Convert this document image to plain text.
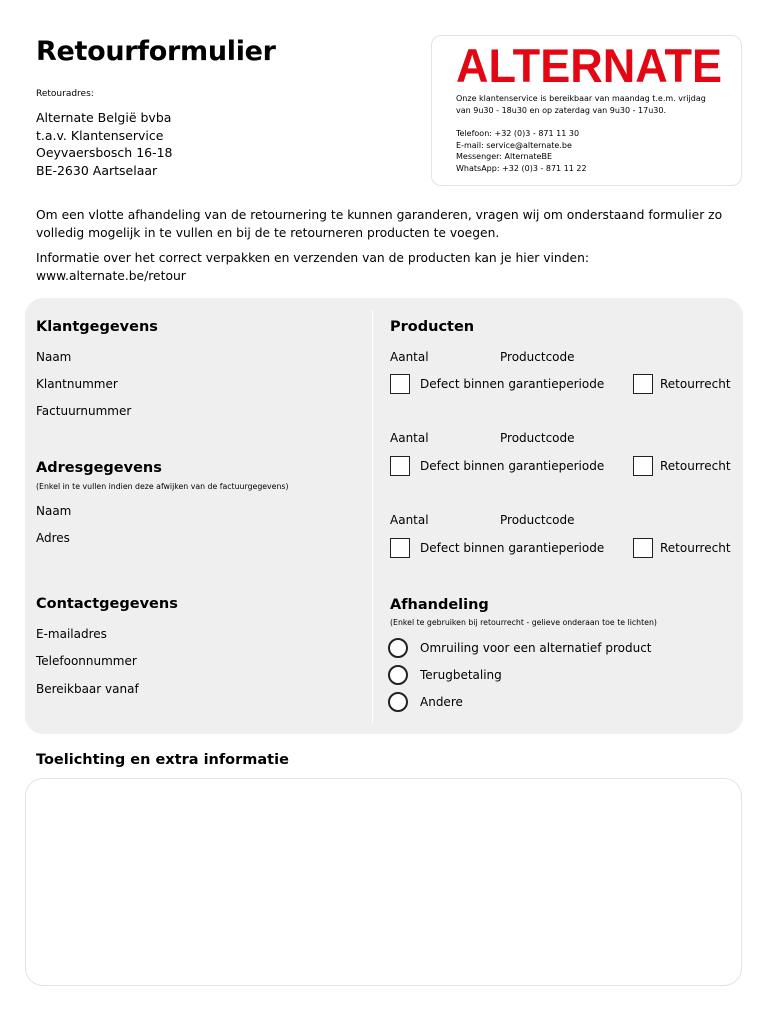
Retourformulier
Retouradres:
Alternate België bvba
t.a.v. Klantenservice
Oeyvaersbosch 16-18
BE-2630 Aartselaar
ALTERNATE
Onze klantenservice is bereikbaar van maandag t.e.m. vrijdag
van 9u30 - 18u30 en op zaterdag van 9u30 - 17u30.
Telefoon: +32 (0)3 - 871 11 30
E-mail: service@alternate.be
Messenger: AlternateBE
WhatsApp: +32 (0)3 - 871 11 22

Om een vlotte afhandeling van de retournering te kunnen garanderen, vragen wij om onderstaand formulier zo volledig mogelijk in te vullen en bij de te retourneren producten te voegen.

Informatie over het correct verpakken en verzenden van de producten kan je hier vinden: www.alternate.be/retour

Klantgegevens
Naam
Klantnummer
Factuurnummer
Adresgegevens
(Enkel in te vullen indien deze afwijken van de factuurgegevens)
Naam
Adres
Contactgegevens
E-mailadres
Telefoonnummer
Bereikbaar vanaf
Producten
Aantal	Productcode
Defect binnen garantieperiode	Retourrecht
Aantal	Productcode
Defect binnen garantieperiode	Retourrecht
Aantal	Productcode
Defect binnen garantieperiode	Retourrecht
Afhandeling
(Enkel te gebruiken bij retourrecht - gelieve onderaan toe te lichten)
Omruiling voor een alternatief product
Terugbetaling
Andere
Toelichting en extra informatie
